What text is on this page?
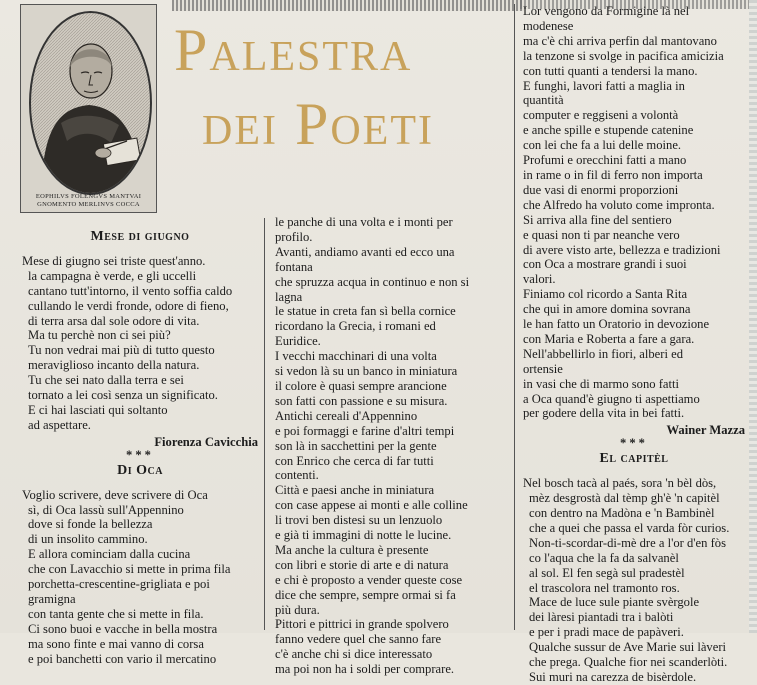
EOPHILVS FOLENGVS MANTVAI
GNOMENTO MERLINVS COCCA
Palestra
dei Poeti
Mese di giugno
Mese di giugno sei triste quest'anno.
la campagna è verde, e gli uccelli
cantano tutt'intorno, il vento soffia caldo
cullando le verdi fronde, odore di fieno,
di terra arsa dal sole odore di vita.
Ma tu perchè non ci sei più?
Tu non vedrai mai più di tutto questo
meraviglioso incanto della natura.
Tu che sei nato dalla terra e sei
tornato a lei così senza un significato.
E ci hai lasciati qui soltanto
ad aspettare.
Fiorenza Cavicchia
***
Di Oca
Voglio scrivere, deve scrivere di Oca
sì, di Oca lassù sull'Appennino
dove si fonde la bellezza
di un insolito cammino.
E allora cominciam dalla cucina
che con Lavacchio si mette in prima fila
porchetta-crescentine-grigliata e poi
gramigna
con tanta gente che si mette in fila.
Ci sono buoi e vacche in bella mostra
ma sono finte e mai vanno di corsa
e poi banchetti con vario il mercatino
le panche di una volta e i monti per
profilo.
Avanti, andiamo avanti ed ecco una
fontana
che spruzza acqua in continuo e non si
lagna
le statue in creta fan sì bella cornice
ricordano la Grecia, i romani ed
Euridice.
I vecchi macchinari di una volta
si vedon là su un banco in miniatura
il colore è quasi sempre arancione
son fatti con passione e su misura.
Antichi cereali d'Appennino
e poi formaggi e farine d'altri tempi
son là in sacchettini per la gente
con Enrico che cerca di far tutti
contenti.
Città e paesi anche in miniatura
con case appese ai monti e alle colline
li trovi ben distesi su un lenzuolo
e già ti immagini di notte le lucine.
Ma anche la cultura è presente
con libri e storie di arte e di natura
e chi è proposto a vender queste cose
dice che sempre, sempre ormai si fa
più dura.
Pittori e pittrici in grande spolvero
fanno vedere quel che sanno fare
c'è anche chi si dice interessato
ma poi non ha i soldi per comprare.
Lor vengono da Formigine là nel
modenese
ma c'è chi arriva perfin dal mantovano
la tenzone si svolge in pacifica amicizia
con tutti quanti a tendersi la mano.
E funghi, lavori fatti a maglia in
quantità
computer e reggiseni a volontà
e anche spille e stupende catenine
con lei che fa a lui delle moine.
Profumi e orecchini fatti a mano
in rame o in fil di ferro non importa
due vasi di enormi proporzioni
che Alfredo ha voluto come impronta.
Si arriva alla fine del sentiero
e quasi non ti par neanche vero
di avere visto arte, bellezza e tradizioni
con Oca a mostrare grandi i suoi
valori.
Finiamo col ricordo a Santa Rita
che qui in amore domina sovrana
le han fatto un Oratorio in devozione
con Maria e Roberta a fare a gara.
Nell'abbellirlo in fiori, alberi ed
ortensie
in vasi che di marmo sono fatti
a Oca quand'è giugno ti aspettiamo
per godere della vita in bei fatti.
Wainer Mazza
***
El capitèl
Nel bosch tacà al paés, sora 'n bèl dòs,
mèz desgrostà dal tèmp gh'è 'n capitèl
con dentro na Madòna e 'n Bambinèl
che a quei che passa el varda fòr curios.
Non-ti-scordar-di-mè dre a l'or d'en fòs
co l'aqua che la fa da salvanèl
al sol. El fen segà sul pradestèl
el trascolora nel tramonto ros.
Mace de luce sule piante svèrgole
dei làresi piantadi tra i balòti
e per i pradi mace de papàveri.
Qualche sussur de Ave Marie sui làveri
che prega. Qualche fior nei scanderlòti.
Sui muri na carezza de bisèrdole.
